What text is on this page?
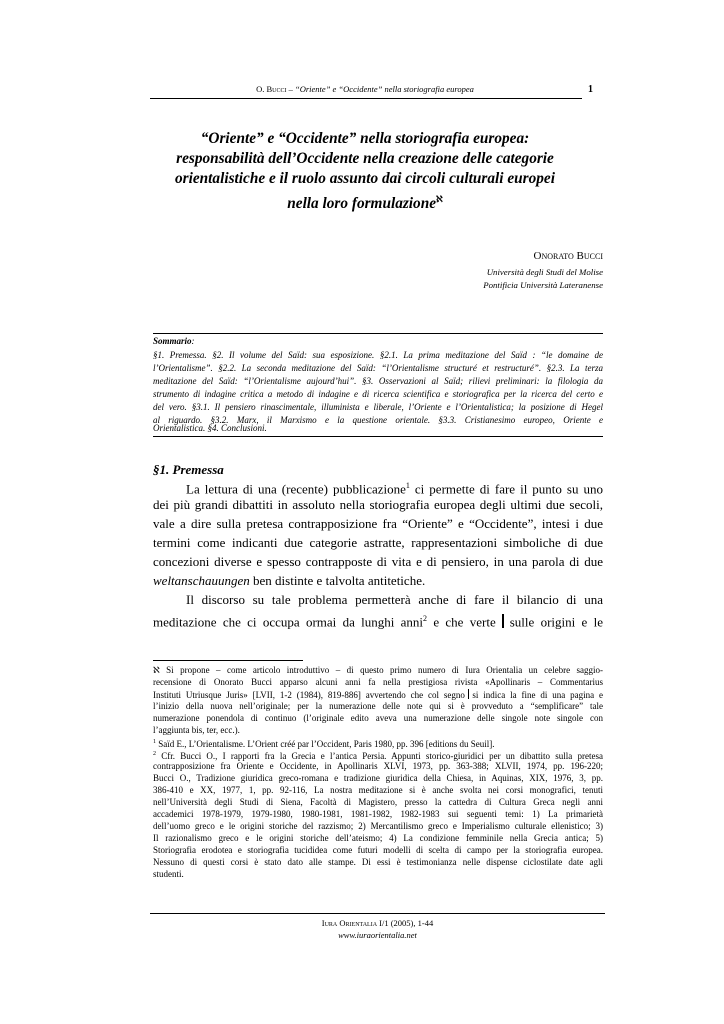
O. Bucci – “Oriente” e “Occidente” nella storiografia europea	1
“Oriente” e “Occidente” nella storiografia europea:
responsabilità dell’Occidente nella creazione delle categorie
orientalistiche e il ruolo assunto dai circoli culturali europei
nella loro formulazione$^ℵ$
Onorato Bucci
Università degli Studi del Molise
Pontificia Università Lateranense
Sommario:
§1. Premessa. §2. Il volume del Saïd: sua esposizione. §2.1. La prima meditazione del Saïd : “le domaine de
l’Orientalisme”. §2.2. La seconda meditazione del Saïd: “l’Orientalisme structuré et restructuré”. §2.3. La terza
meditazione del Saïd: “l’Orientalisme aujourd’hui”. §3. Osservazioni al Saïd; rilievi preliminari: la filologia da
strumento di indagine critica a metodo di indagine e di ricerca scientifica e storiografica per la ricerca del certo e
del vero. §3.1. Il pensiero rinascimentale, illuminista e liberale, l’Oriente e l’Orientalistica; la posizione di Hegel
al riguardo. §3.2. Marx, il Marxismo e la questione orientale. §3.3. Cristianesimo europeo, Oriente e
Orientalistica. §4. Conclusioni.
§1. Premessa
La lettura di una (recente) pubblicazione$^1$ ci permette di fare il punto su uno
dei più grandi dibattiti in assoluto nella storiografia europea degli ultimi due secoli,
vale a dire sulla pretesa contrapposizione fra “Oriente” e “Occidente”, intesi i due
termini come indicanti due categorie astratte, rappresentazioni simboliche di due
concezioni diverse e spesso contrapposte di vita e di pensiero, in una parola di due
weltanschauungen ben distinte e talvolta antitetiche.
Il discorso su tale problema permetterà anche di fare il bilancio di una
meditazione che ci occupa ormai da lunghi anni$^2$ e che verte sulle origini e le
ℵ Si propone – come articolo introduttivo – di questo primo numero di Iura Orientalia un celebre saggio-
recensione di Onorato Bucci apparso alcuni anni fa nella prestigiosa rivista «Apollinaris – Commentarius
Instituti Utriusque Juris» [LVII, 1-2 (1984), 819-886] avvertendo che col segno si indica la fine di una pagina e
l’inizio della nuova nell’originale; per la numerazione delle note qui si è provveduto a “semplificare” tale
numerazione ponendola di continuo (l’originale edito aveva una numerazione delle singole note singole con
l’aggiunta bis, ter, ecc.).
$^1$ Saïd E., L’Orientalisme. L’Orient créé par l’Occident, Paris 1980, pp. 396 [editions du Seuil].
$^2$ Cfr. Bucci O., I rapporti fra la Grecia e l’antica Persia. Appunti storico-giuridici per un dibattito sulla pretesa
contrapposizione fra Oriente e Occidente, in Apollinaris XLVI, 1973, pp. 363-388; XLVII, 1974, pp. 196-220;
Bucci O., Tradizione giuridica greco-romana e tradizione giuridica della Chiesa, in Aquinas, XIX, 1976, 3, pp.
386-410 e XX, 1977, 1, pp. 92-116, La nostra meditazione si è anche svolta nei corsi monografici, tenuti
nell’Università degli Studi di Siena, Facoltà di Magistero, presso la cattedra di Cultura Greca negli anni
accademici 1978-1979, 1979-1980, 1980-1981, 1981-1982, 1982-1983 sui seguenti temi: 1) La primarietà
dell’uomo greco e le origini storiche del razzismo; 2) Mercantilismo greco e Imperialismo culturale ellenistico; 3)
Il razionalismo greco e le origini storiche dell’ateismo; 4) La condizione femminile nella Grecia antica; 5)
Storiografia erodotea e storiografia tucididea come futuri modelli di scelta di campo per la storiografia europea.
Nessuno di questi corsi è stato dato alle stampe. Di essi è testimonianza nelle dispense ciclostilate date agli
studenti.
Iura Orientalia I/1 (2005), 1-44
www.iuraorientalia.net
